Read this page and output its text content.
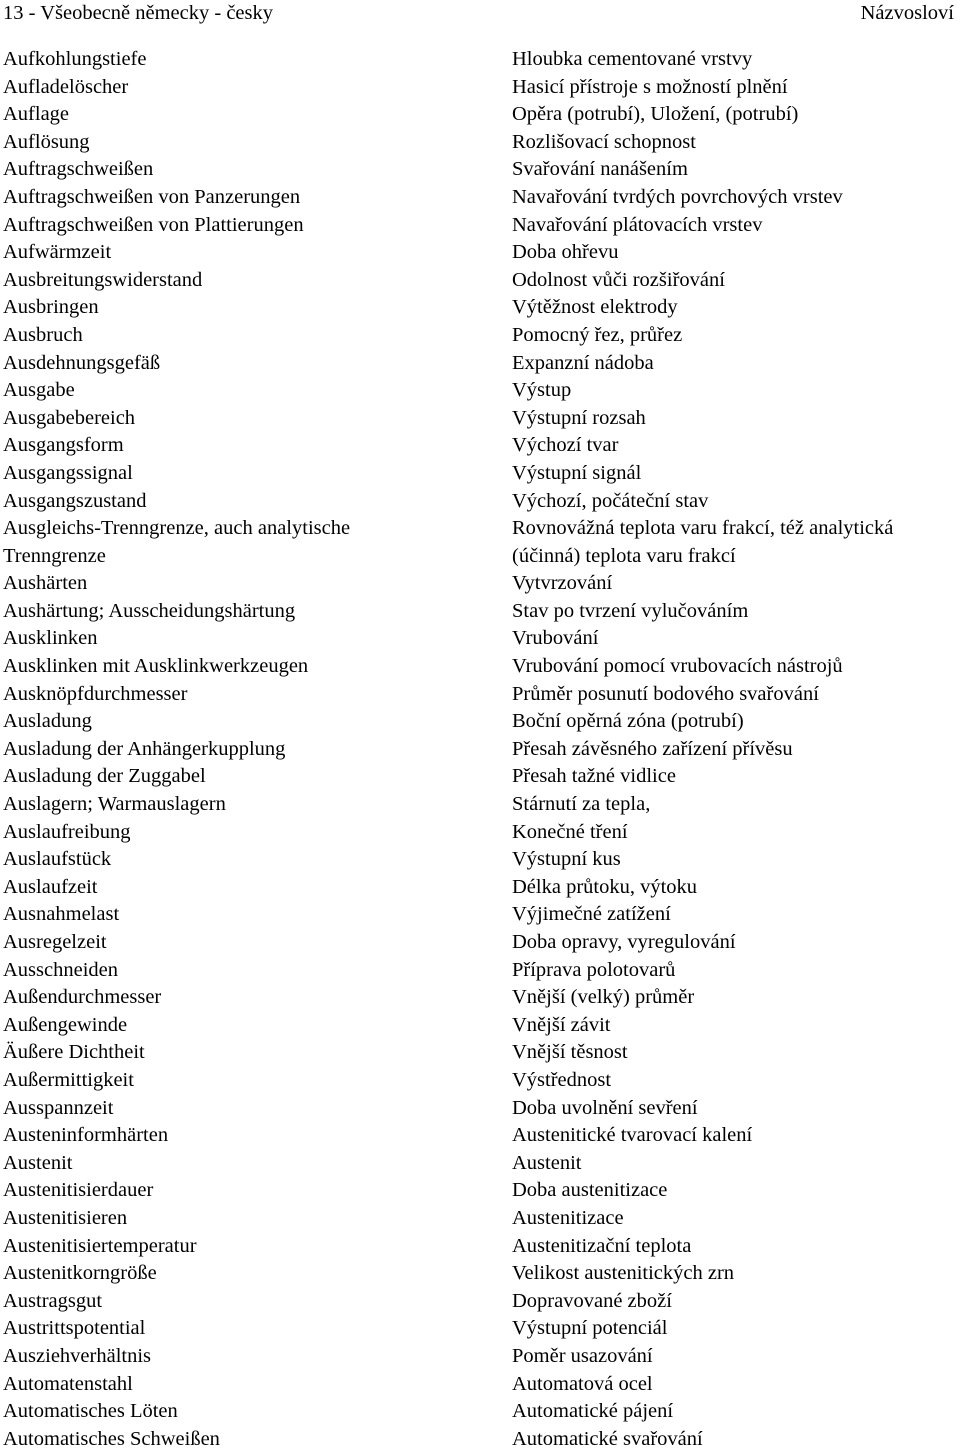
13 - Všeobecně německy - česky	Názvosloví
Aufkohlungstiefe	Hloubka cementované vrstvy
Aufladelöscher	Hasicí přístroje s možností plnění
Auflage	Opěra (potrubí), Uložení, (potrubí)
Auflösung	Rozlišovací schopnost
Auftragschweißen	Svařování nanášením
Auftragschweißen von Panzerungen	Navařování tvrdých povrchových vrstev
Auftragschweißen von Plattierungen	Navařování plátovacích vrstev
Aufwärmzeit	Doba ohřevu
Ausbreitungswiderstand	Odolnost vůči rozšiřování
Ausbringen	Výtěžnost elektrody
Ausbruch	Pomocný řez, průřez
Ausdehnungsgefäß	Expanzní nádoba
Ausgabe	Výstup
Ausgabebereich	Výstupní rozsah
Ausgangsform	Výchozí tvar
Ausgangssignal	Výstupní signál
Ausgangszustand	Výchozí, počáteční stav
Ausgleichs-Trenngrenze, auch analytische	Rovnovážná teplota varu frakcí, též analytická
Trenngrenze	(účinná) teplota varu frakcí
Aushärten	Vytvrzování
Aushärtung; Ausscheidungshärtung	Stav po tvrzení vylučováním
Ausklinken	Vrubování
Ausklinken mit Ausklinkwerkzeugen	Vrubování pomocí vrubovacích nástrojů
Ausknöpfdurchmesser	Průměr posunutí bodového svařování
Ausladung	Boční opěrná zóna (potrubí)
Ausladung der Anhängerkupplung	Přesah závěsného zařízení přívěsu
Ausladung der Zuggabel	Přesah tažné vidlice
Auslagern; Warmauslagern	Stárnutí za tepla,
Auslaufreibung	Konečné tření
Auslaufstück	Výstupní kus
Auslaufzeit	Délka průtoku, výtoku
Ausnahmelast	Výjimečné zatížení
Ausregelzeit	Doba opravy, vyregulování
Ausschneiden	Příprava polotovarů
Außendurchmesser	Vnější (velký) průměr
Außengewinde	Vnější závit
Äußere Dichtheit	Vnější těsnost
Außermittigkeit	Výstřednost
Ausspannzeit	Doba uvolnění sevření
Austeninformhärten	Austenitické tvarovací kalení
Austenit	Austenit
Austenitisierdauer	Doba austenitizace
Austenitisieren	Austenitizace
Austenitisiertemperatur	Austenitizační teplota
Austenitkorngröße	Velikost austenitických zrn
Austragsgut	Dopravované zboží
Austrittspotential	Výstupní potenciál
Ausziehverhältnis	Poměr usazování
Automatenstahl	Automatová ocel
Automatisches Löten	Automatické pájení
Automatisches Schweißen	Automatické svařování
